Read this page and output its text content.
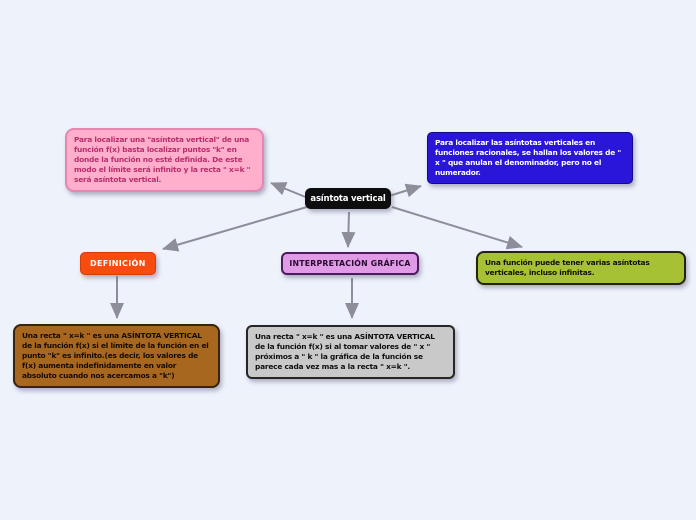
asíntota vertical
Para localizar una "asíntota vertical" de una función f(x) basta localizar puntos "k" en donde la función no esté definida. De este modo el límite será infinito y la recta " x=k " será asíntota vertical.
Para localizar las asíntotas verticales en funciones racionales, se hallan los valores de " x " que anulan el denominador, pero no el numerador.
DEFINICIÓN	INTERPRETACIÓN GRÁFICA	Una función puede tener varias asíntotas verticales, incluso infinitas.
Una recta " x=k " es una ASÍNTOTA VERTICAL de la función f(x) si el límite de la función en el punto "k" es infinito.(es decir, los valores de f(x) aumenta indefinidamente en valor absoluto cuando nos acercamos a "k")
Una recta " x=k " es una ASÍNTOTA VERTICAL de la función f(x) si al tomar valores de " x " próximos a " k " la gráfica de la función se parece cada vez mas a la recta " x=k ".
